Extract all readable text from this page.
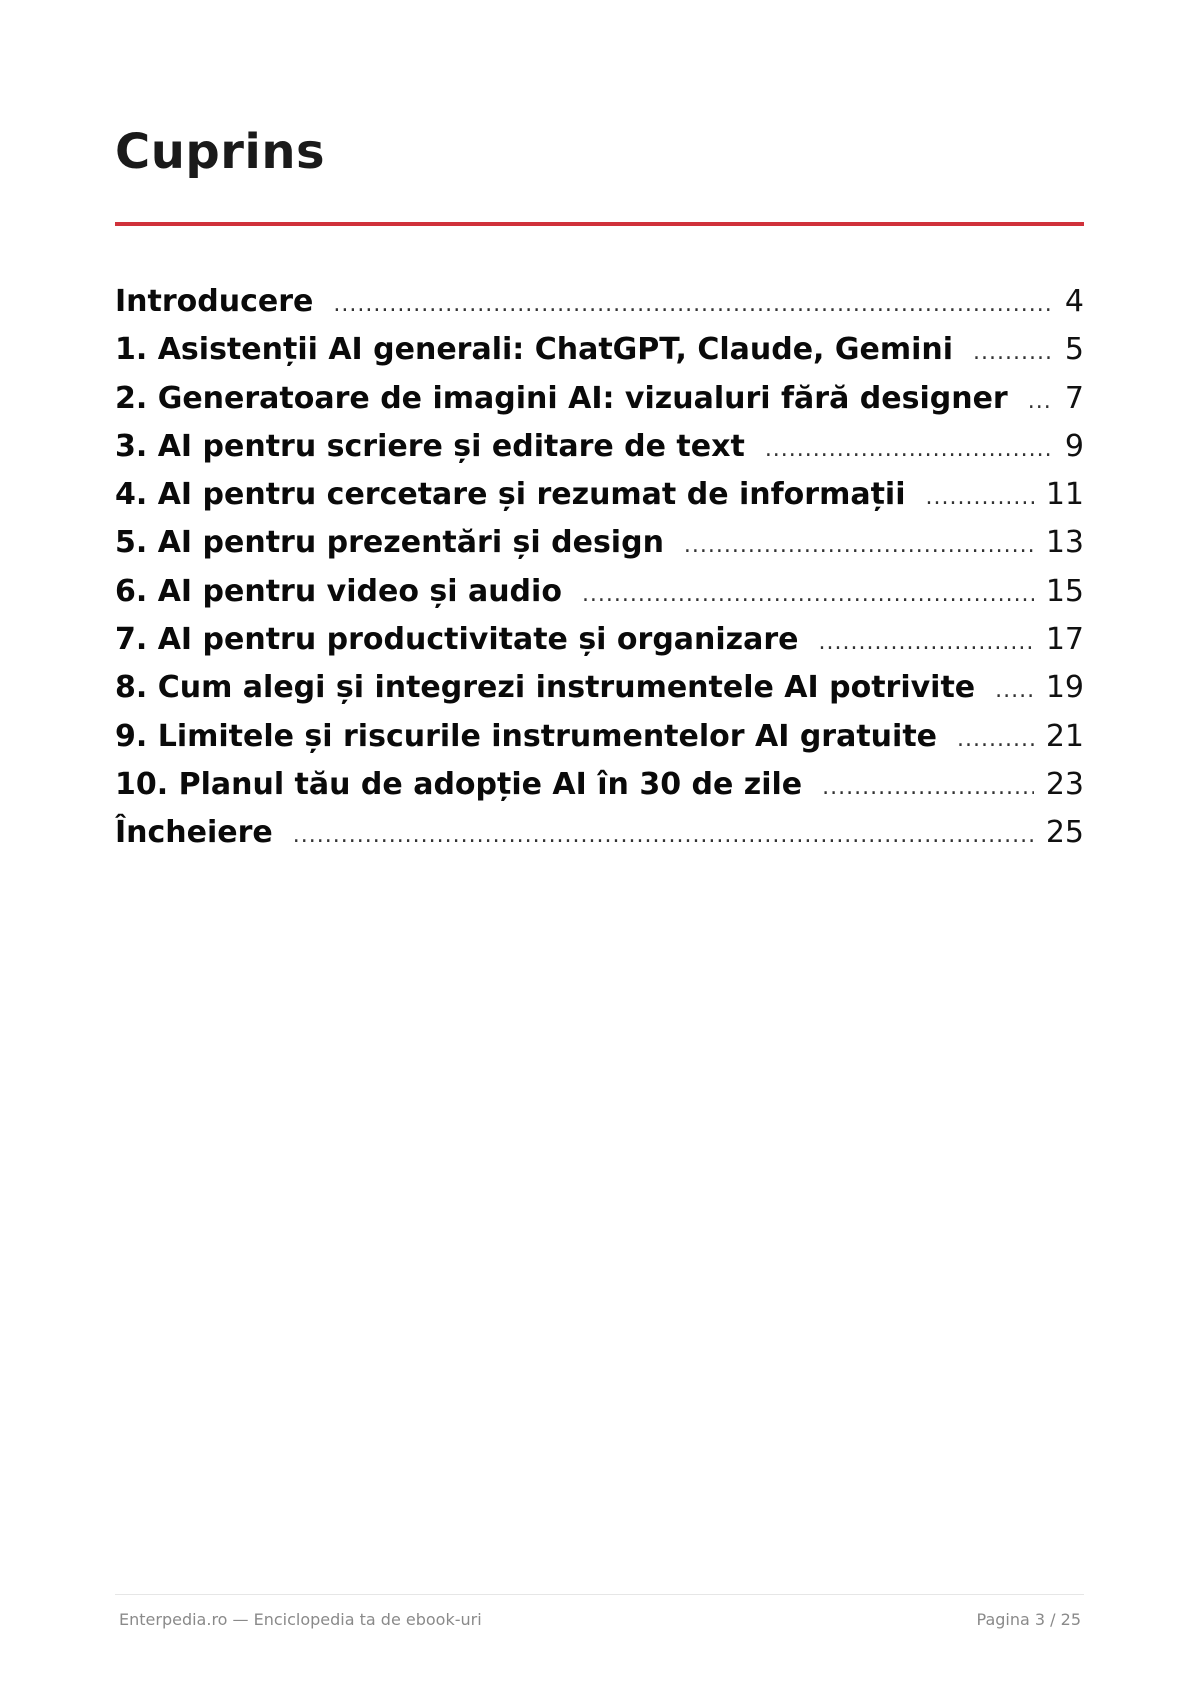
Cuprins
Introducere .....	4
1. Asistenții AI generali: ChatGPT, Claude, Gemini .....	5
2. Generatoare de imagini AI: vizualuri fără designer .....	7
3. AI pentru scriere și editare de text .....	9
4. AI pentru cercetare și rezumat de informații .....	11
5. AI pentru prezentări și design .....	13
6. AI pentru video și audio .....	15
7. AI pentru productivitate și organizare .....	17
8. Cum alegi și integrezi instrumentele AI potrivite .....	19
9. Limitele și riscurile instrumentelor AI gratuite .....	21
10. Planul tău de adopție AI în 30 de zile .....	23
Încheiere .....	25
Enterpedia.ro — Enciclopedia ta de ebook-uri	Pagina 3 / 25
